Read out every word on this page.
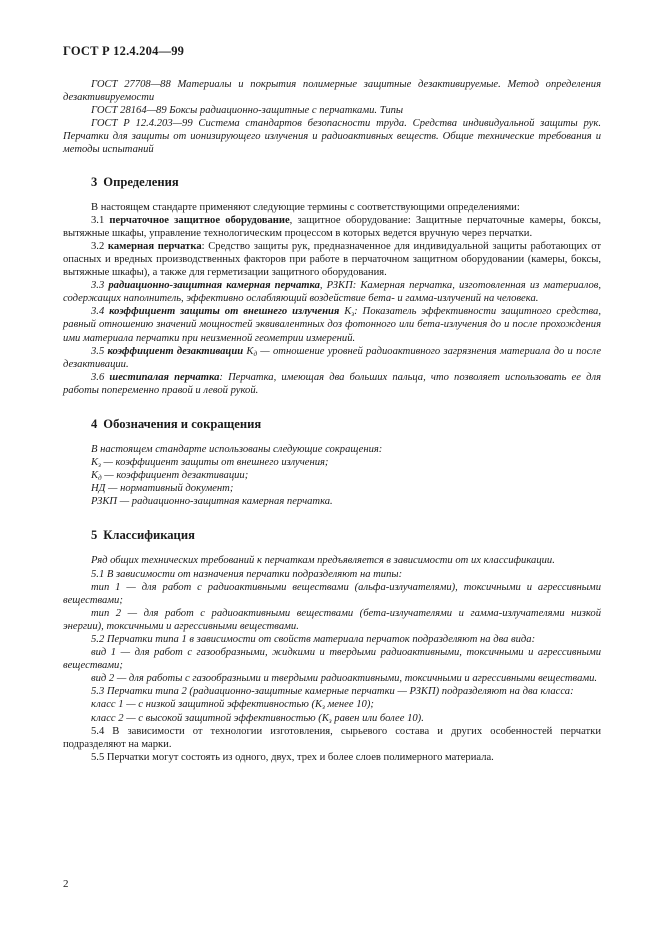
ГОСТ Р 12.4.204—99

ГОСТ 27708—88 Материалы и покрытия полимерные защитные дезактивируемые. Метод определения дезактивируемости

ГОСТ 28164—89 Боксы радиационно-защитные с перчатками. Типы

ГОСТ Р 12.4.203—99 Система стандартов безопасности труда. Средства индивидуальной защиты рук. Перчатки для защиты от ионизирующего излучения и радиоактивных веществ. Общие технические требования и методы испытаний

3 Определения

В настоящем стандарте применяют следующие термины с соответствующими определениями:

3.1 перчаточное защитное оборудование, защитное оборудование: Защитные перчаточные камеры, боксы, вытяжные шкафы, управление технологическим процессом в которых ведется вручную через перчатки.

3.2 камерная перчатка: Средство защиты рук, предназначенное для индивидуальной защиты работающих от опасных и вредных производственных факторов при работе в перчаточном защитном оборудовании (камеры, боксы, вытяжные шкафы), а также для герметизации защитного оборудования.

3.3 радиационно-защитная камерная перчатка, РЗКП: Камерная перчатка, изготовленная из материалов, содержащих наполнитель, эффективно ослабляющий воздействие бета- и гамма-излучений на человека.

3.4 коэффициент защиты от внешнего излучения $K_з$: Показатель эффективности защитного средства, равный отношению значений мощностей эквивалентных доз фотонного или бета-излучения до и после прохождения ими материала перчатки при неизменной геометрии измерений.

3.5 коэффициент дезактивации $K_д$ — отношение уровней радиоактивного загрязнения материала до и после дезактивации.

3.6 шестипалая перчатка: Перчатка, имеющая два больших пальца, что позволяет использовать ее для работы попеременно правой и левой рукой.

4 Обозначения и сокращения

В настоящем стандарте использованы следующие сокращения:

$K_з$ — коэффициент защиты от внешнего излучения;

$K_д$ — коэффициент дезактивации;

НД — нормативный документ;

РЗКП — радиационно-защитная камерная перчатка.

5 Классификация

Ряд общих технических требований к перчаткам предъявляется в зависимости от их классификации.

5.1 В зависимости от назначения перчатки подразделяют на типы:

тип 1 — для работ с радиоактивными веществами (альфа-излучателями), токсичными и агрессивными веществами;

тип 2 — для работ с радиоактивными веществами (бета-излучателями и гамма-излучателями низкой энергии), токсичными и агрессивными веществами.

5.2 Перчатки типа 1 в зависимости от свойств материала перчаток подразделяют на два вида:

вид 1 — для работ с газообразными, жидкими и твердыми радиоактивными, токсичными и агрессивными веществами;

вид 2 — для работы с газообразными и твердыми радиоактивными, токсичными и агрессивными веществами.

5.3 Перчатки типа 2 (радиационно-защитные камерные перчатки — РЗКП) подразделяют на два класса:

класс 1 — с низкой защитной эффективностью ($K_з$ менее 10);

класс 2 — с высокой защитной эффективностью ($K_з$ равен или более 10).

5.4 В зависимости от технологии изготовления, сырьевого состава и других особенностей перчатки подразделяют на марки.

5.5 Перчатки могут состоять из одного, двух, трех и более слоев полимерного материала.

2
